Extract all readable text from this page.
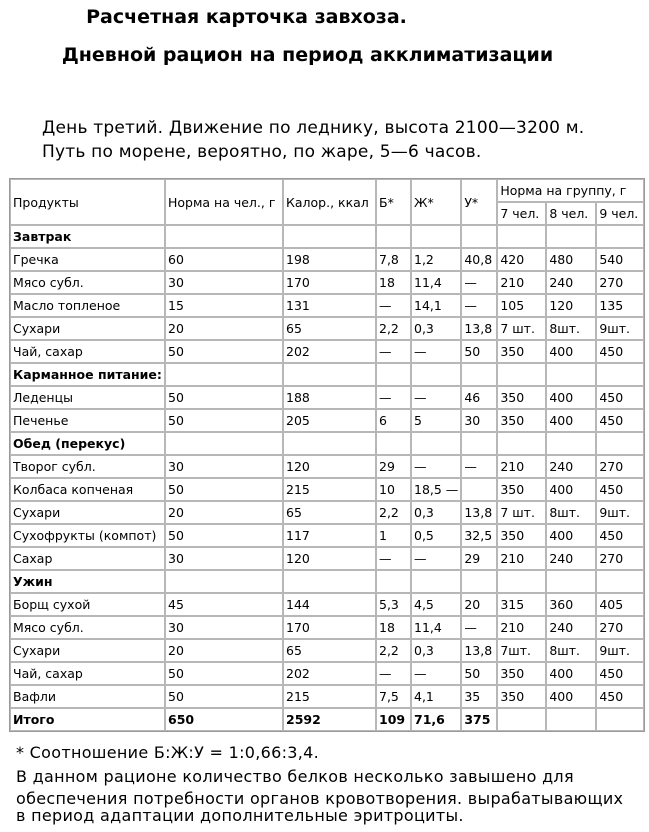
Расчетная карточка завхоза.
Дневной рацион на период акклиматизации
День третий. Движение по леднику, высота 2100—3200 м.
Путь по морене, вероятно, по жаре, 5—6 часов.
Продукты	Норма на чел., г	Калор., ккал	Б*	Ж*	У*	Норма на группу, г		
						7 чел.	8 чел.	9 чел.
Завтрак								
Гречка	60	198	7,8	1,2	40,8	420	480	540
Мясо субл.	30	170	18	11,4	—	210	240	270
Масло топленое	15	131	—	14,1	—	105	120	135
Сухари	20	65	2,2	0,3	13,8	7 шт.	8шт.	9шт.
Чай, сахар	50	202	—	—	50	350	400	450
Карманное питание:								
Леденцы	50	188	—	—	46	350	400	450
Печенье	50	205	6	5	30	350	400	450
Обед (перекус)								
Творог субл.	30	120	29	—	—	210	240	270
Колбаса копченая	50	215	10	18,5 —		350	400	450
Сухари	20	65	2,2	0,3	13,8	7 шт.	8шт.	9шт.
Сухофрукты (компот)	50	117	1	0,5	32,5	350	400	450
Сахар	30	120	—	—	29	210	240	270
Ужин								
Борщ сухой	45	144	5,3	4,5	20	315	360	405
Мясо субл.	30	170	18	11,4	—	210	240	270
Сухари	20	65	2,2	0,3	13,8	7шт.	8шт.	9шт.
Чай, сахар	50	202	—	—	50	350	400	450
Вафли	50	215	7,5	4,1	35	350	400	450
Итого	650	2592	109	71,6	375			
* Соотношение Б:Ж:У = 1:0,66:3,4.
В данном рационе количество белков несколько завышено для
обеспечения потребности органов кровотворения. вырабатывающих
в период адаптации дополнительные эритроциты.
